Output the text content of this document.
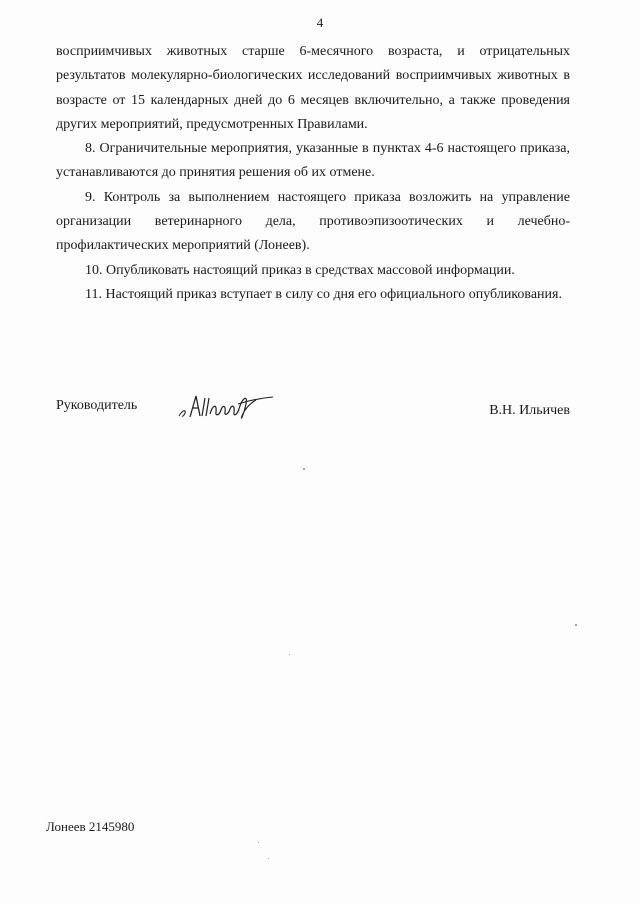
4

восприимчивых животных старше 6-месячного возраста, и отрицательных результатов молекулярно-биологических исследований восприимчивых животных в возрасте от 15 календарных дней до 6 месяцев включительно, а также проведения других мероприятий, предусмотренных Правилами.

8. Ограничительные мероприятия, указанные в пунктах 4-6 настоящего приказа, устанавливаются до принятия решения об их отмене.

9. Контроль за выполнением настоящего приказа возложить на управление организации ветеринарного дела, противоэпизоотических и лечебно-профилактических мероприятий (Лонеев).

10. Опубликовать настоящий приказ в средствах массовой информации.

11. Настоящий приказ вступает в силу со дня его официального опубликования.

Руководитель	В.Н. Ильичев
Лонеев 2145980
